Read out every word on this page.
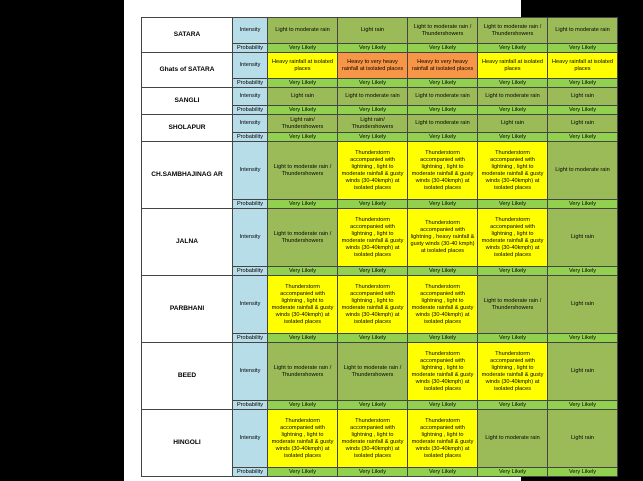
SATARA	Intensity	Light to moderate rain	Light rain	Light to moderate rain / Thundershowers	Light to moderate rain / Thundershowers	Light to moderate rain
	Probability	Very Likely	Very Likely	Very Likely	Very Likely	Very Likely
Ghats of SATARA	Intensity	Heavy rainfall at isolated places	Heavy to very heavy rainfall at isolated places	Heavy to very heavy rainfall at isolated places	Heavy rainfall at isolated places	Heavy rainfall at isolated places
	Probability	Very Likely	Very Likely	Very Likely	Very Likely	Very Likely
SANGLI	Intensity	Light rain	Light to moderate rain	Light to moderate rain	Light to moderate rain	Light rain
	Probability	Very Likely	Very Likely	Very Likely	Very Likely	Very Likely
SHOLAPUR	Intensity	Light rain/ Thundershowers	Light rain/ Thundershowers	Light to moderate rain	Light rain	Light rain
	Probability	Very Likely	Very Likely	Very Likely	Very Likely	Very Likely
CH.SAMBHAJINAG AR	Intensity	Light to moderate rain / Thundershowers	Thunderstorm accompanied with lightning , light to moderate rainfall & gusty winds (30-40kmph) at isolated places	Thunderstorm accompanied with lightning , light to moderate rainfall & gusty winds (30-40kmph) at isolated places	Thunderstorm accompanied with lightning , light to moderate rainfall & gusty winds (30-40kmph) at isolated places	Light to moderate rain
	Probability	Very Likely	Very Likely	Very Likely	Very Likely	Very Likely
JALNA	Intensity	Light to moderate rain / Thundershowers	Thunderstorm accompanied with lightning , light to moderate rainfall & gusty winds (30-40kmph) at isolated places	Thunderstorm accompanied with lightning , heavy rainfall & gusty winds (30-40 kmph) at isolated places	Thunderstorm accompanied with lightning , light to moderate rainfall & gusty winds (30-40kmph) at isolated places	Light rain
	Probability	Very Likely	Very Likely	Very Likely	Very Likely	Very Likely
PARBHANI	Intensity	Thunderstorm accompanied with lightning , light to moderate rainfall & gusty winds (30-40kmph) at isolated places	Thunderstorm accompanied with lightning , light to moderate rainfall & gusty winds (30-40kmph) at isolated places	Thunderstorm accompanied with lightning , light to moderate rainfall & gusty winds (30-40kmph) at isolated places	Light to moderate rain / Thundershowers	Light rain
	Probability	Very Likely	Very Likely	Very Likely	Very Likely	Very Likely
BEED	Intensity	Light to moderate rain / Thundershowers	Light to moderate rain / Thundershowers	Thunderstorm accompanied with lightning , light to moderate rainfall & gusty winds (30-40kmph) at isolated places	Thunderstorm accompanied with lightning , light to moderate rainfall & gusty winds (30-40kmph) at isolated places	Light rain
	Probability	Very Likely	Very Likely	Very Likely	Very Likely	Very Likely
HINGOLI	Intensity	Thunderstorm accompanied with lightning , light to moderate rainfall & gusty winds (30-40kmph) at isolated places	Thunderstorm accompanied with lightning , light to moderate rainfall & gusty winds (30-40kmph) at isolated places	Thunderstorm accompanied with lightning , light to moderate rainfall & gusty winds (30-40kmph) at isolated places	Light to moderate rain	Light rain
	Probability	Very Likely	Very Likely	Very Likely	Very Likely	Very Likely
